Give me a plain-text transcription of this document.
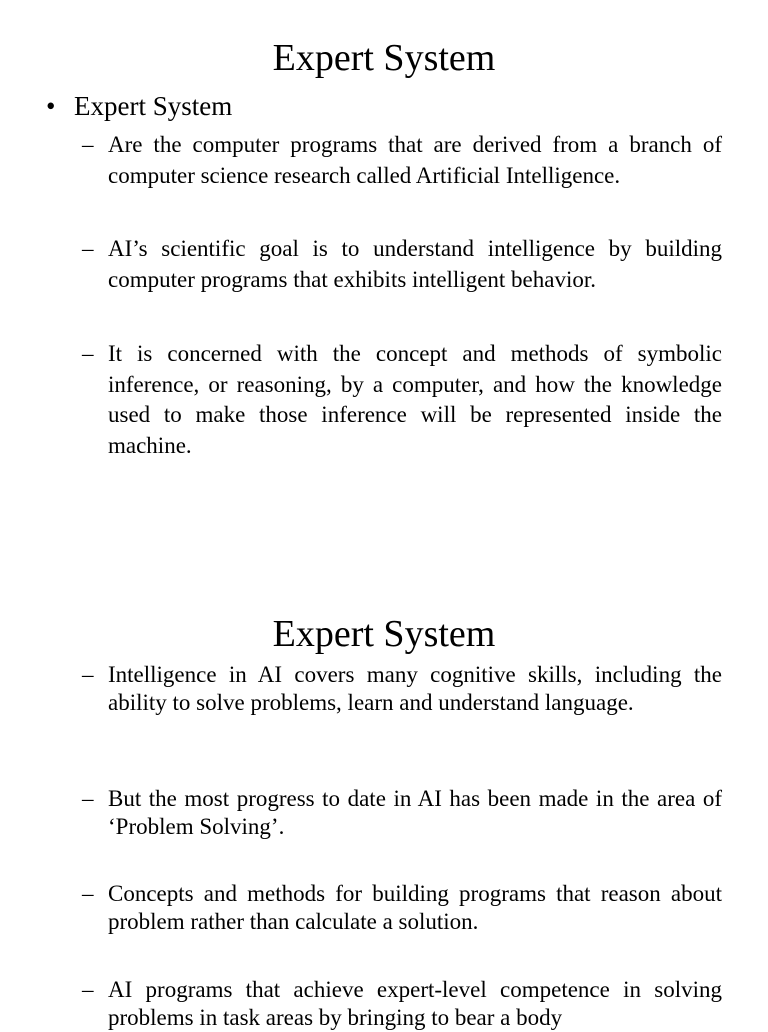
Expert System

• Expert System

– Are the computer programs that are derived from a branch of computer science research called Artificial Intelligence.
– AI’s scientific goal is to understand intelligence by building computer programs that exhibits intelligent behavior.
– It is concerned with the concept and methods of symbolic inference, or reasoning, by a computer, and how the knowledge used to make those inference will be represented inside the machine.
Expert System
– Intelligence in AI covers many cognitive skills, including the ability to solve problems, learn and understand language.
– But the most progress to date in AI has been made in the area of ‘Problem Solving’.
– Concepts and methods for building programs that reason about problem rather than calculate a solution.
– AI programs that achieve expert-level competence in solving problems in task areas by bringing to bear a body
